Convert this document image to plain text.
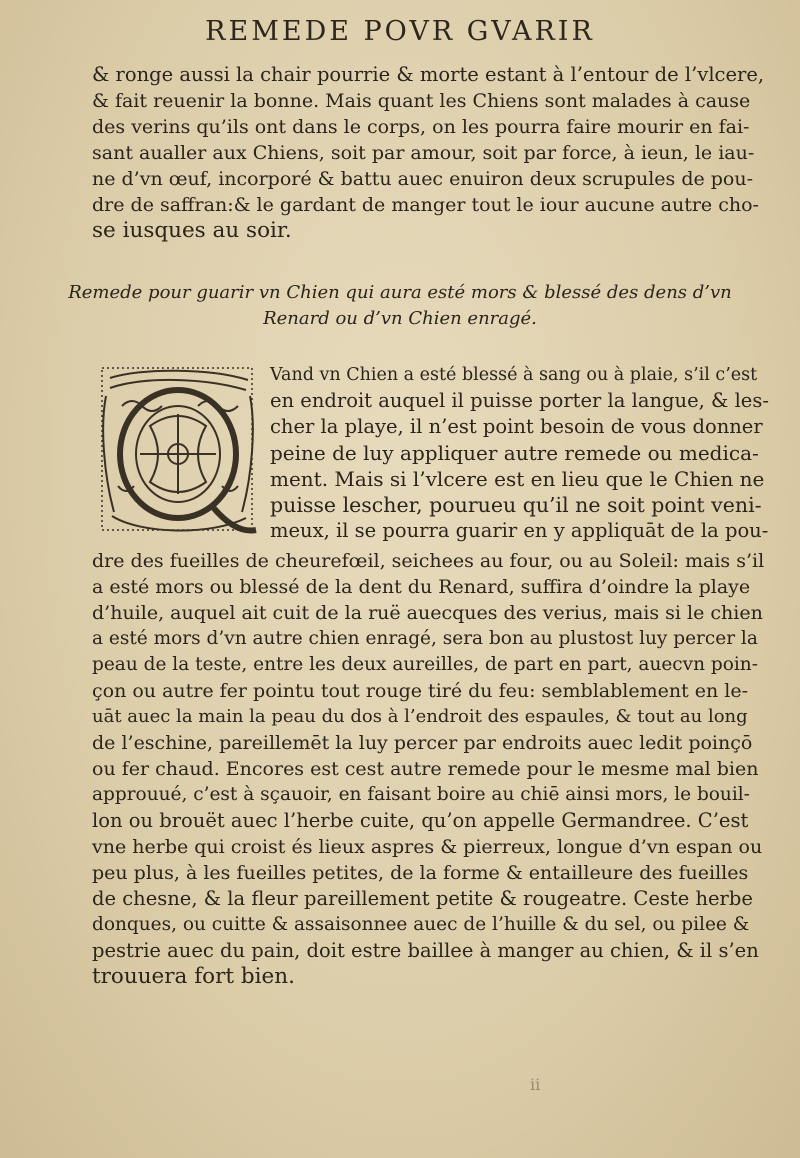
REMEDE POVR GVARIR
& ronge aussi la chair pourrie & morte estant à l’entour de l’vlcere,
& fait reuenir la bonne. Mais quant les Chiens sont malades à cause
des verins qu’ils ont dans le corps, on les pourra faire mourir en fai-
sant aualler aux Chiens, soit par amour, soit par force, à ieun, le iau-
ne d’vn œuf, incorporé & battu auec enuiron deux scrupules de pou-
dre de saffran:& le gardant de manger tout le iour aucune autre cho-
se iusques au soir.
Remede pour guarir vn Chien qui aura esté mors & blessé des dens d’vn
Renard ou d’vn Chien enragé.
Vand vn Chien a esté blessé à sang ou à plaie, s’il c’est
en endroit auquel il puisse porter la langue, & les-
cher la playe, il n’est point besoin de vous donner
peine de luy appliquer autre remede ou medica-
ment. Mais si l’vlcere est en lieu que le Chien ne
puisse lescher, pourueu qu’il ne soit point veni-
meux, il se pourra guarir en y appliquāt de la pou-
dre des fueilles de cheurefœil, seichees au four, ou au Soleil: mais s’il
a esté mors ou blessé de la dent du Renard, suffira d’oindre la playe
d’huile, auquel ait cuit de la ruë auecques des verius, mais si le chien
a esté mors d’vn autre chien enragé, sera bon au plustost luy percer la
peau de la teste, entre les deux aureilles, de part en part, auecvn poin-
çon ou autre fer pointu tout rouge tiré du feu: semblablement en le-
uāt auec la main la peau du dos à l’endroit des espaules, & tout au long
de l’eschine, pareillemēt la luy percer par endroits auec ledit poinçō
ou fer chaud. Encores est cest autre remede pour le mesme mal bien
approuué, c’est à sçauoir, en faisant boire au chiē ainsi mors, le bouil-
lon ou brouët auec l’herbe cuite, qu’on appelle Germandree. C’est
vne herbe qui croist és lieux aspres & pierreux, longue d’vn espan ou
peu plus, à les fueilles petites, de la forme & entailleure des fueilles
de chesne, & la fleur pareillement petite & rougeatre. Ceste herbe
donques, ou cuitte & assaisonnee auec de l’huille & du sel, ou pilee &
pestrie auec du pain, doit estre baillee à manger au chien, & il s’en
trouuera fort bien.
ii
